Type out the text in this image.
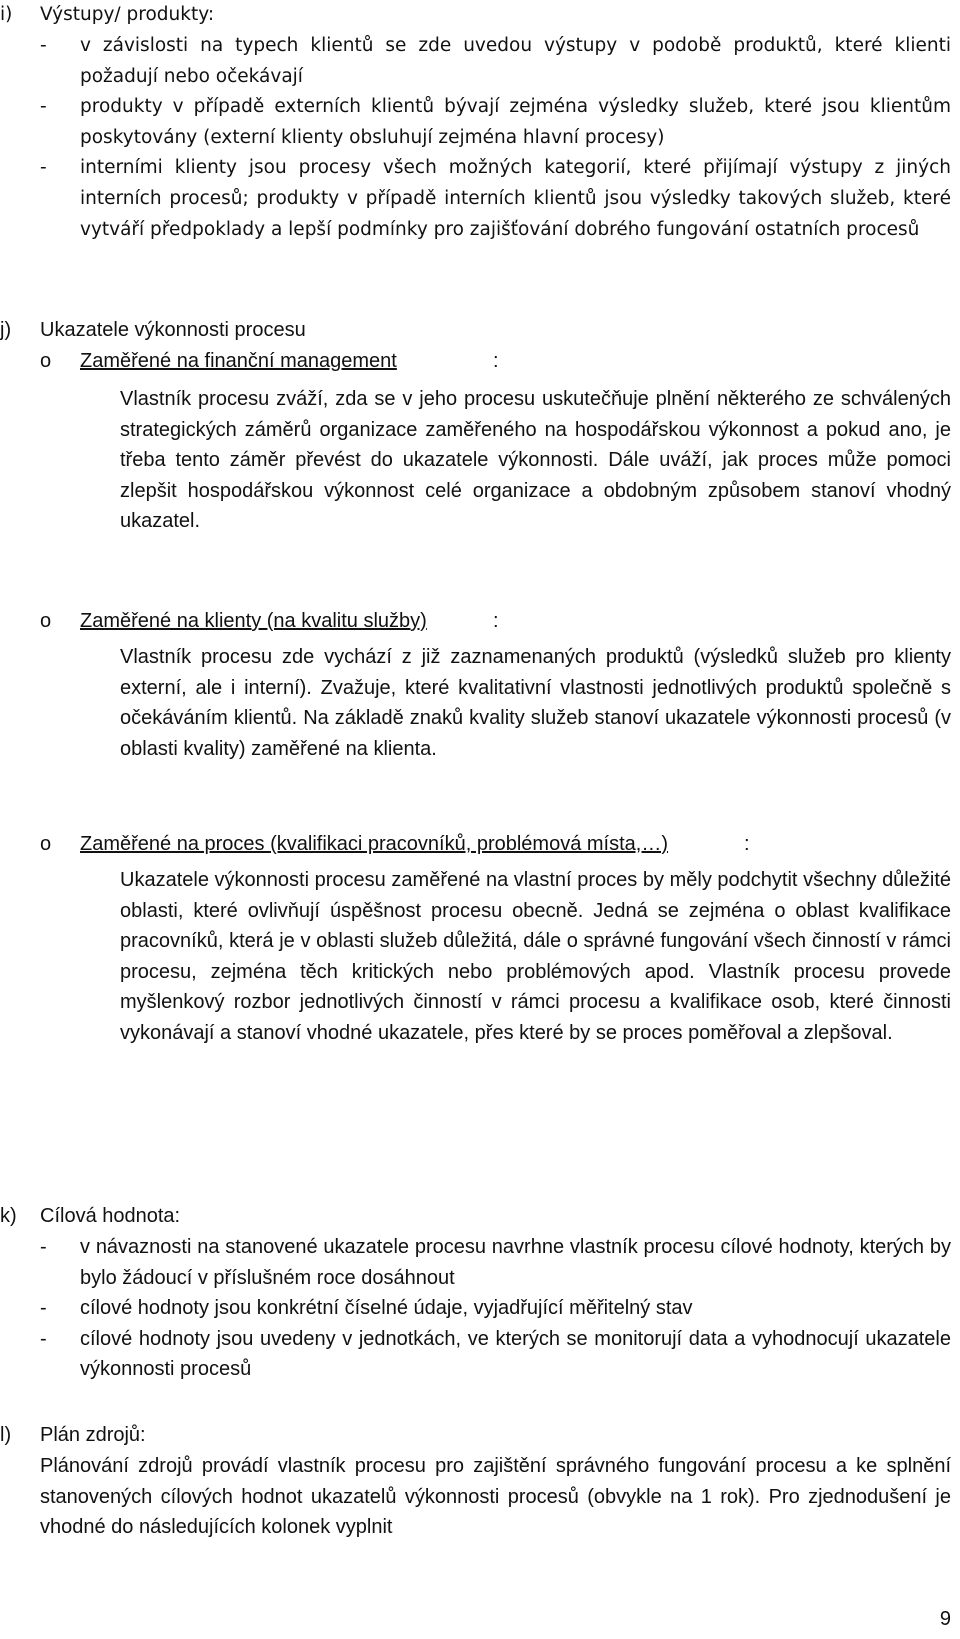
i) Výstupy/ produkty:
- v závislosti na typech klientů se zde uvedou výstupy v podobě produktů, které klienti požadují nebo očekávají
- produkty v případě externích klientů bývají zejména výsledky služeb, které jsou klientům poskytovány (externí klienty obsluhují zejména hlavní procesy)
- interními klienty jsou procesy všech možných kategorií, které přijímají výstupy z jiných interních procesů; produkty v případě interních klientů jsou výsledky takových služeb, které vytváří předpoklady a lepší podmínky pro zajišťování dobrého fungování ostatních procesů
j) Ukazatele výkonnosti procesu
o Zaměřené na finanční management	:

Vlastník procesu zváží, zda se v jeho procesu uskutečňuje plnění některého ze schválených strategických záměrů organizace zaměřeného na hospodářskou výkonnost a pokud ano, je třeba tento záměr převést do ukazatele výkonnosti. Dále uváží, jak proces může pomoci zlepšit hospodářskou výkonnost celé organizace a obdobným způsobem stanoví vhodný ukazatel.

o Zaměřené na klienty (na kvalitu služby)	:

Vlastník procesu zde vychází z již zaznamenaných produktů (výsledků služeb pro klienty externí, ale i interní). Zvažuje, které kvalitativní vlastnosti jednotlivých produktů společně s očekáváním klientů. Na základě znaků kvality služeb stanoví ukazatele výkonnosti procesů (v oblasti kvality) zaměřené na klienta.

o Zaměřené na proces (kvalifikaci pracovníků, problémová místa,…)	:

Ukazatele výkonnosti procesu zaměřené na vlastní proces by měly podchytit všechny důležité oblasti, které ovlivňují úspěšnost procesu obecně. Jedná se zejména o oblast kvalifikace pracovníků, která je v oblasti služeb důležitá, dále o správné fungování všech činností v rámci procesu, zejména těch kritických nebo problémových apod. Vlastník procesu provede myšlenkový rozbor jednotlivých činností v rámci procesu a kvalifikace osob, které činnosti vykonávají a stanoví vhodné ukazatele, přes které by se proces poměřoval a zlepšoval.

k) Cílová hodnota:
- v návaznosti na stanovené ukazatele procesu navrhne vlastník procesu cílové hodnoty, kterých by bylo žádoucí v příslušném roce dosáhnout
- cílové hodnoty jsou konkrétní číselné údaje, vyjadřující měřitelný stav
- cílové hodnoty jsou uvedeny v jednotkách, ve kterých se monitorují data a vyhodnocují ukazatele výkonnosti procesů
l) Plán zdrojů:

Plánování zdrojů provádí vlastník procesu pro zajištění správného fungování procesu a ke splnění stanovených cílových hodnot ukazatelů výkonnosti procesů (obvykle na 1 rok). Pro zjednodušení je vhodné do následujících kolonek vyplnit

9
